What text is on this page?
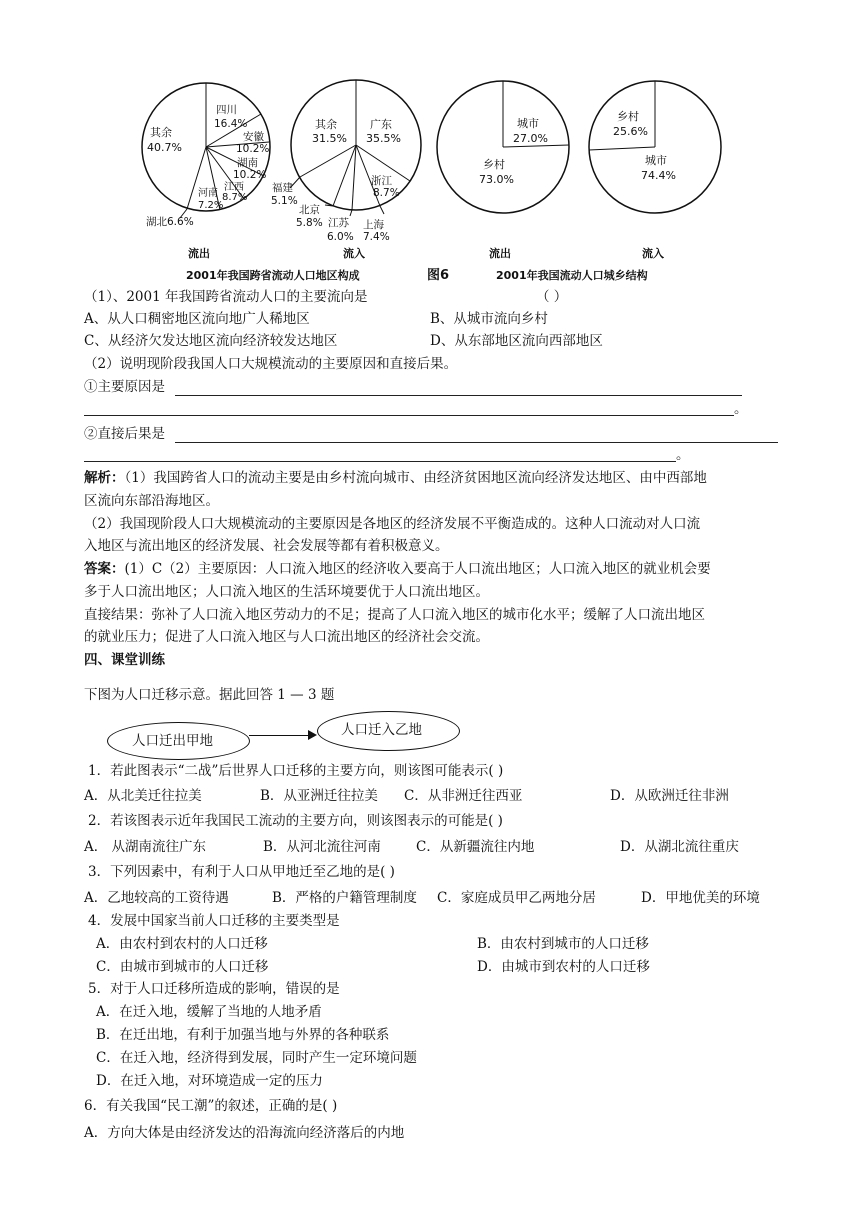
四川
16.4%
安徽
10.2%
湖南
10.2%
江西
8.7%
河南
7.2%
湖北6.6%
其余
40.7%
流出
广东
35.5%
浙江
8.7%
上海
7.4%
江苏
6.0%
北京
5.8%
福建
5.1%
其余
31.5%
流入
城市
27.0%
乡村
73.0%
流出
乡村
25.6%
城市
74.4%
流入
2001年我国跨省流动人口地区构成	图6	2001年我国流动人口城乡结构
（1）、2001 年我国跨省流动人口的主要流向是	（ ）
A、从人口稠密地区流向地广人稀地区	B、从城市流向乡村
C、从经济欠发达地区流向经济较发达地区	D、从东部地区流向西部地区
（2）说明现阶段我国人口大规模流动的主要原因和直接后果。
①主要原因是
。
②直接后果是
。
解析：（1）我国跨省人口的流动主要是由乡村流向城市、由经济贫困地区流向经济发达地区、由中西部地
区流向东部沿海地区。
（2）我国现阶段人口大规模流动的主要原因是各地区的经济发展不平衡造成的。这种人口流动对人口流
入地区与流出地区的经济发展、社会发展等都有着积极意义。
答案：(1）C（2）主要原因：人口流入地区的经济收入要高于人口流出地区；人口流入地区的就业机会要
多于人口流出地区；人口流入地区的生活环境要优于人口流出地区。
直接结果：弥补了人口流入地区劳动力的不足；提高了人口流入地区的城市化水平；缓解了人口流出地区
的就业压力；促进了人口流入地区与人口流出地区的经济社会交流。
四、课堂训练
下图为人口迁移示意。据此回答 1 — 3 题
人口迁出甲地
人口迁入乙地
1．若此图表示“二战”后世界人口迁移的主要方向，则该图可能表示( )
A．从北美迁往拉美	B．从亚洲迁往拉美 C．从非洲迁往西亚	D．从欧洲迁往非洲
2．若该图表示近年我国民工流动的主要方向，则该图表示的可能是( )
A． 从湖南流往广东	B．从河北流往河南	C．从新疆流往内地	D．从湖北流往重庆
3．下列因素中，有利于人口从甲地迁至乙地的是( )
A．乙地较高的工资待遇	B．严格的户籍管理制度 C．家庭成员甲乙两地分居	D．甲地优美的环境
4．发展中国家当前人口迁移的主要类型是
A．由农村到农村的人口迁移	B．由农村到城市的人口迁移
C．由城市到城市的人口迁移	D．由城市到农村的人口迁移
5．对于人口迁移所造成的影响，错误的是
A．在迁入地，缓解了当地的人地矛盾
B．在迁出地，有利于加强当地与外界的各种联系
C．在迁入地，经济得到发展，同时产生一定环境问题
D．在迁入地，对环境造成一定的压力
6．有关我国“民工潮”的叙述，正确的是( )
A．方向大体是由经济发达的沿海流向经济落后的内地
